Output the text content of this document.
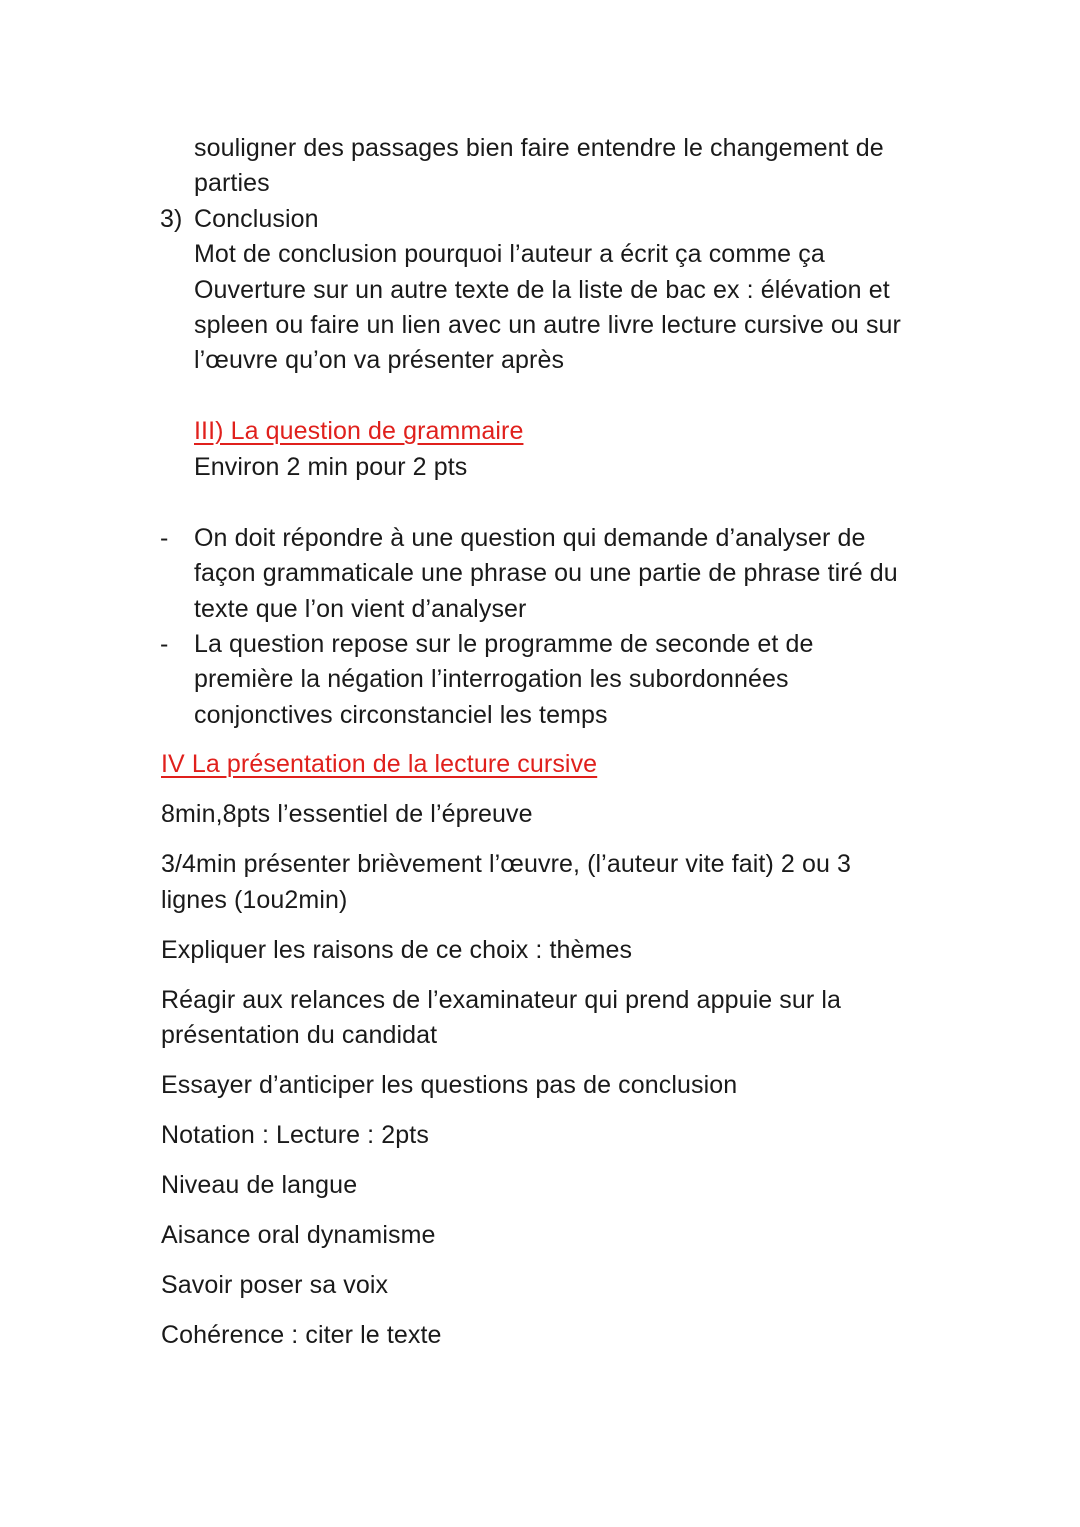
souligner des passages bien faire entendre le changement de
parties
3) Conclusion
Mot de conclusion pourquoi l’auteur a écrit ça comme ça
Ouverture sur un autre texte de la liste de bac ex : élévation et
spleen ou faire un lien avec un autre livre lecture cursive ou sur
l’œuvre qu’on va présenter après
III) La question de grammaire
Environ 2 min pour 2 pts
- On doit répondre à une question qui demande d’analyser de
façon grammaticale une phrase ou une partie de phrase tiré du
texte que l’on vient d’analyser
- La question repose sur le programme de seconde et de
première la négation l’interrogation les subordonnées
conjonctives circonstanciel les temps
IV La présentation de la lecture cursive
8min,8pts l’essentiel de l’épreuve
3/4min présenter brièvement l’œuvre, (l’auteur vite fait) 2 ou 3
lignes (1ou2min)
Expliquer les raisons de ce choix : thèmes
Réagir aux relances de l’examinateur qui prend appuie sur la
présentation du candidat
Essayer d’anticiper les questions pas de conclusion
Notation : Lecture : 2pts
Niveau de langue
Aisance oral dynamisme
Savoir poser sa voix
Cohérence : citer le texte
